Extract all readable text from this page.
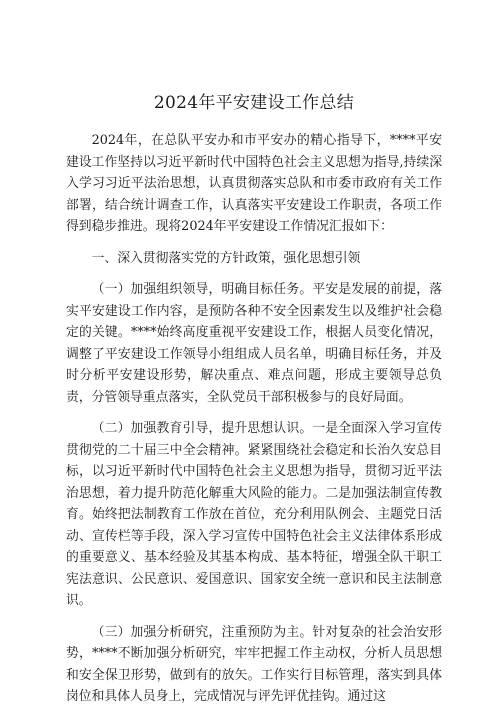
2024年平安建设工作总结

2024年，在总队平安办和市平安办的精心指导下，****平安建设工作坚持以习近平新时代中国特色社会主义思想为指导,持续深入学习习近平法治思想，认真贯彻落实总队和市委市政府有关工作部署，结合统计调查工作，认真落实平安建设工作职责，各项工作得到稳步推进。现将2024年平安建设工作情况汇报如下：

一、深入贯彻落实党的方针政策，强化思想引领

（一）加强组织领导，明确目标任务。平安是发展的前提，落实平安建设工作内容，是预防各种不安全因素发生以及维护社会稳定的关键。****始终高度重视平安建设工作，根据人员变化情况，调整了平安建设工作领导小组组成人员名单，明确目标任务，并及时分析平安建设形势，解决重点、难点问题，形成主要领导总负责，分管领导重点落实，全队党员干部积极参与的良好局面。

（二）加强教育引导，提升思想认识。一是全面深入学习宣传贯彻党的二十届三中全会精神。紧紧围绕社会稳定和长治久安总目标，以习近平新时代中国特色社会主义思想为指导，贯彻习近平法治思想，着力提升防范化解重大风险的能力。二是加强法制宣传教育。始终把法制教育工作放在首位，充分利用队例会、主题党日活动、宣传栏等手段，深入学习宣传中国特色社会主义法律体系形成的重要意义、基本经验及其基本构成、基本特征，增强全队干职工宪法意识、公民意识、爱国意识、国家安全统一意识和民主法制意识。

（三）加强分析研究，注重预防为主。针对复杂的社会治安形势，****不断加强分析研究，牢牢把握工作主动权，分析人员思想和安全保卫形势，做到有的放矢。工作实行目标管理，落实到具体岗位和具体人员身上，完成情况与评先评优挂钩。通过这
